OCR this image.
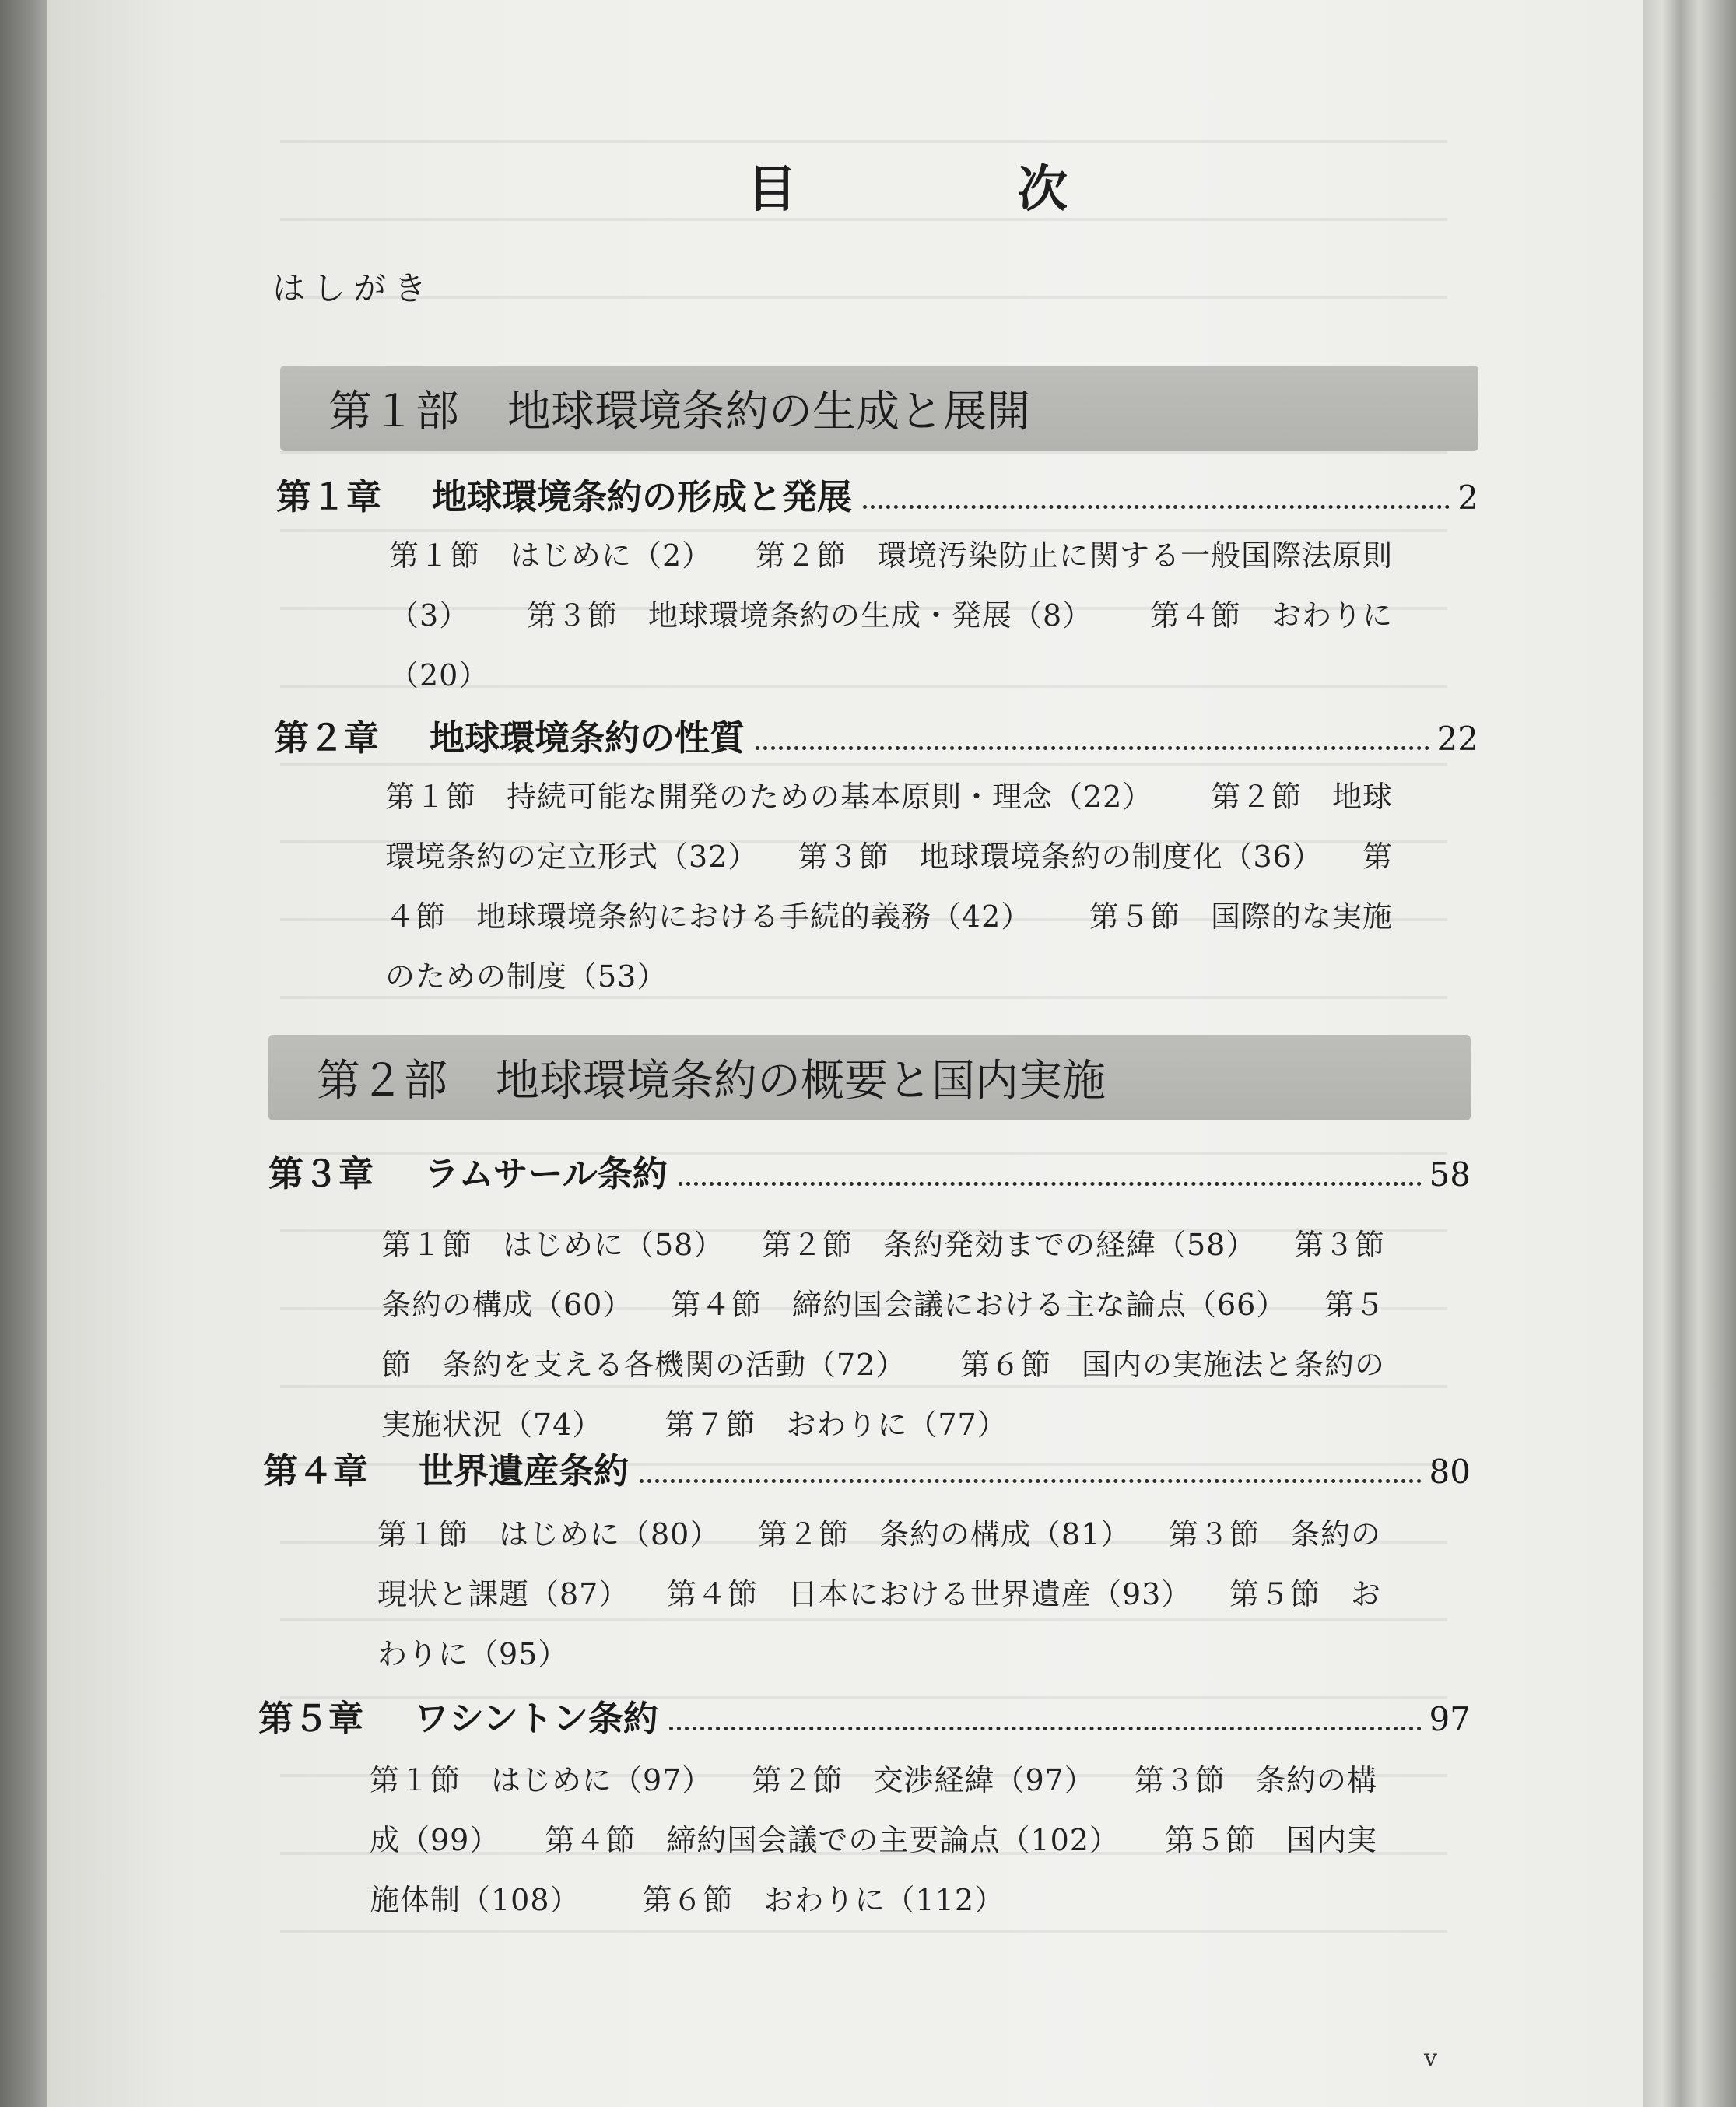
目　次
はしがき
第１部	地球環境条約の生成と展開
第１章	地球環境条約の形成と発展	2
第１節　はじめに（2） 第２節　環境汚染防止に関する一般国際法原則
（3） 第３節　地球環境条約の生成・発展（8） 第４節　おわりに
（20）
第２章	地球環境条約の性質	22
第１節　持続可能な開発のための基本原則・理念（22） 第２節　地球
環境条約の定立形式（32） 第３節　地球環境条約の制度化（36） 第
４節　地球環境条約における手続的義務（42） 第５節　国際的な実施
のための制度（53）
第２部	地球環境条約の概要と国内実施
第３章	ラムサール条約	58
第１節　はじめに（58） 第２節　条約発効までの経緯（58） 第３節
条約の構成（60） 第４節　締約国会議における主な論点（66） 第５
節　条約を支える各機関の活動（72） 第６節　国内の実施法と条約の
実施状況（74） 第７節　おわりに（77）
第４章	世界遺産条約	80
第１節　はじめに（80） 第２節　条約の構成（81） 第３節　条約の
現状と課題（87） 第４節　日本における世界遺産（93） 第５節　お
わりに（95）
第５章	ワシントン条約	97
第１節　はじめに（97） 第２節　交渉経緯（97） 第３節　条約の構
成（99） 第４節　締約国会議での主要論点（102） 第５節　国内実
施体制（108） 第６節　おわりに（112）
v
